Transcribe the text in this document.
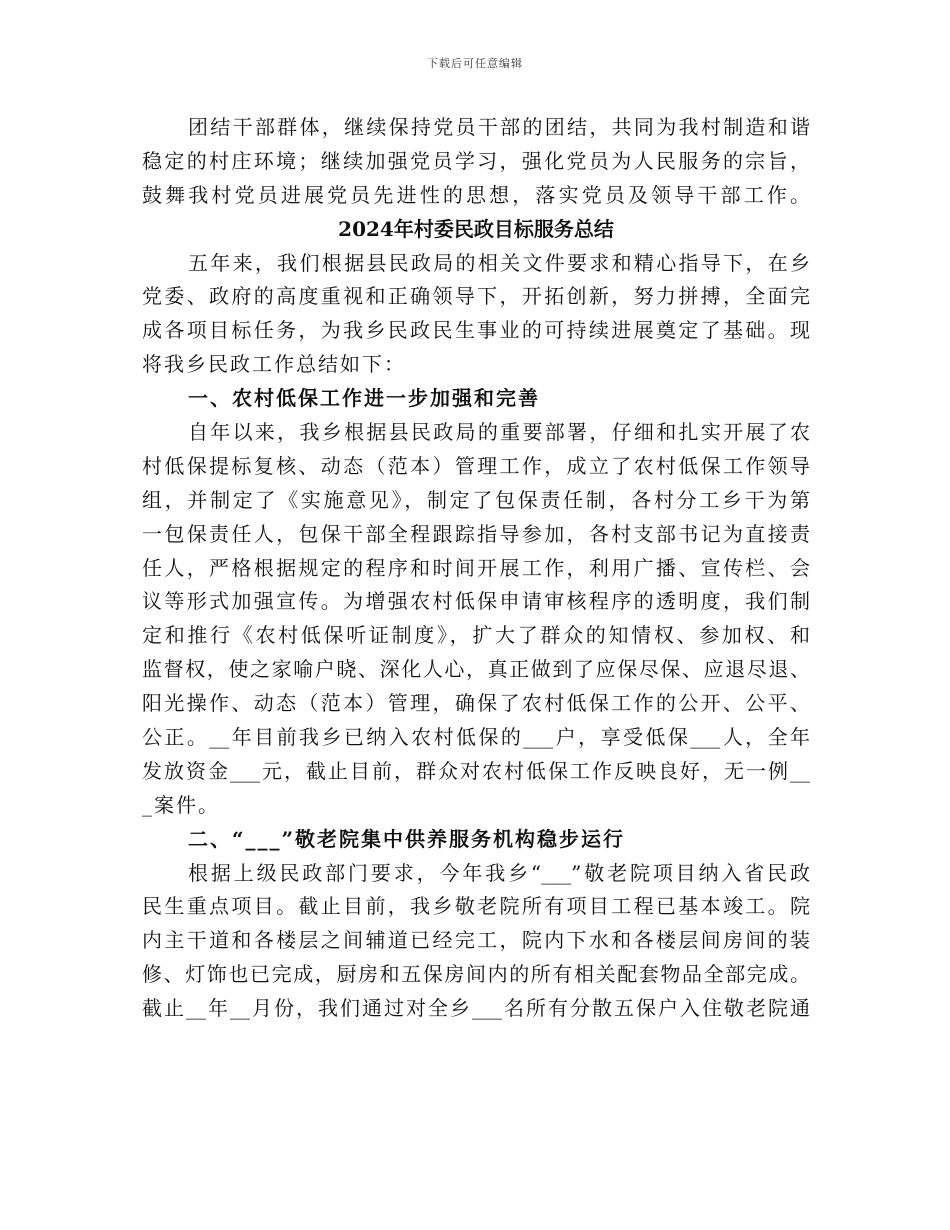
下载后可任意编辑
团结干部群体，继续保持党员干部的团结，共同为我村制造和谐
稳定的村庄环境；继续加强党员学习，强化党员为人民服务的宗旨，
鼓舞我村党员进展党员先进性的思想，落实党员及领导干部工作。
2024年村委民政目标服务总结
五年来，我们根据县民政局的相关文件要求和精心指导下，在乡
党委、政府的高度重视和正确领导下，开拓创新，努力拼搏，全面完
成各项目标任务，为我乡民政民生事业的可持续进展奠定了基础。现
将我乡民政工作总结如下：
一、农村低保工作进一步加强和完善
自年以来，我乡根据县民政局的重要部署，仔细和扎实开展了农
村低保提标复核、动态（范本）管理工作，成立了农村低保工作领导
组，并制定了《实施意见》，制定了包保责任制，各村分工乡干为第
一包保责任人，包保干部全程跟踪指导参加，各村支部书记为直接责
任人，严格根据规定的程序和时间开展工作，利用广播、宣传栏、会
议等形式加强宣传。为增强农村低保申请审核程序的透明度，我们制
定和推行《农村低保听证制度》，扩大了群众的知情权、参加权、和
监督权，使之家喻户晓、深化人心，真正做到了应保尽保、应退尽退、
阳光操作、动态（范本）管理，确保了农村低保工作的公开、公平、
公正。__年目前我乡已纳入农村低保的___户，享受低保___人，全年
发放资金___元，截止目前，群众对农村低保工作反映良好，无一例__
_案件。
二、“___”敬老院集中供养服务机构稳步运行
根据上级民政部门要求，今年我乡“___”敬老院项目纳入省民政
民生重点项目。截止目前，我乡敬老院所有项目工程已基本竣工。院
内主干道和各楼层之间辅道已经完工，院内下水和各楼层间房间的装
修、灯饰也已完成，厨房和五保房间内的所有相关配套物品全部完成。
截止__年__月份，我们通过对全乡___名所有分散五保户入住敬老院通
